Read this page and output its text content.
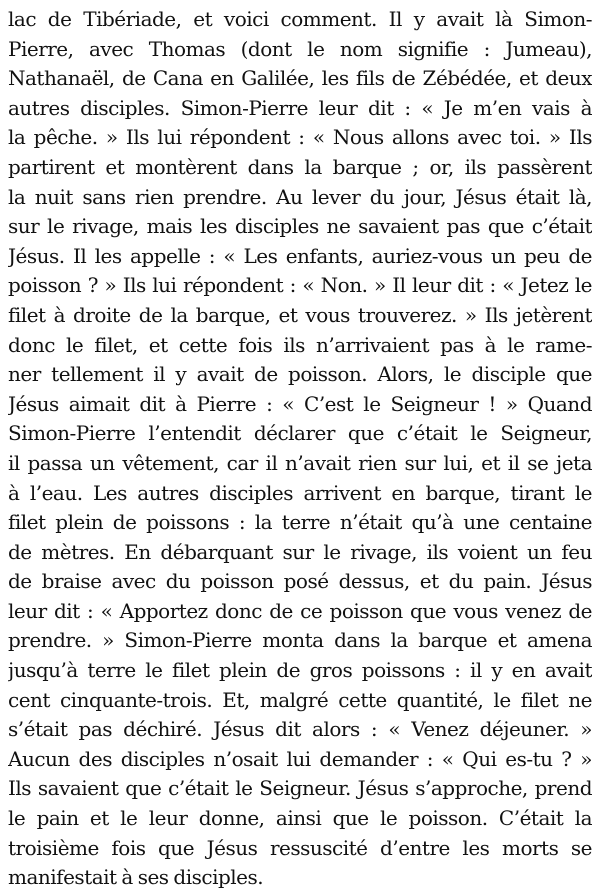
lac de Tibériade, et voici comment. Il y avait là Simon-
Pierre, avec Thomas (dont le nom signifie : Jumeau),
Nathanaël, de Cana en Galilée, les fils de Zébédée, et deux
autres disciples. Simon-Pierre leur dit : « Je m’en vais à
la pêche. » Ils lui répondent : « Nous allons avec toi. » Ils
partirent et montèrent dans la barque ; or, ils passèrent
la nuit sans rien prendre. Au lever du jour, Jésus était là,
sur le rivage, mais les disciples ne savaient pas que c’était
Jésus. Il les appelle : « Les enfants, auriez-vous un peu de
poisson ? » Ils lui répondent : « Non. » Il leur dit : « Jetez le
filet à droite de la barque, et vous trouverez. » Ils jetèrent
donc le filet, et cette fois ils n’arrivaient pas à le rame-
ner tellement il y avait de poisson. Alors, le disciple que
Jésus aimait dit à Pierre : « C’est le Seigneur ! » Quand
Simon-Pierre l’entendit déclarer que c’était le Seigneur,
il passa un vêtement, car il n’avait rien sur lui, et il se jeta
à l’eau. Les autres disciples arrivent en barque, tirant le
filet plein de poissons : la terre n’était qu’à une centaine
de mètres. En débarquant sur le rivage, ils voient un feu
de braise avec du poisson posé dessus, et du pain. Jésus
leur dit : « Apportez donc de ce poisson que vous venez de
prendre. » Simon-Pierre monta dans la barque et amena
jusqu’à terre le filet plein de gros poissons : il y en avait
cent cinquante-trois. Et, malgré cette quantité, le filet ne
s’était pas déchiré. Jésus dit alors : « Venez déjeuner. »
Aucun des disciples n’osait lui demander : « Qui es-tu ? »
Ils savaient que c’était le Seigneur. Jésus s’approche, prend
le pain et le leur donne, ainsi que le poisson. C’était la
troisième fois que Jésus ressuscité d’entre les morts se
manifestait à ses disciples.
